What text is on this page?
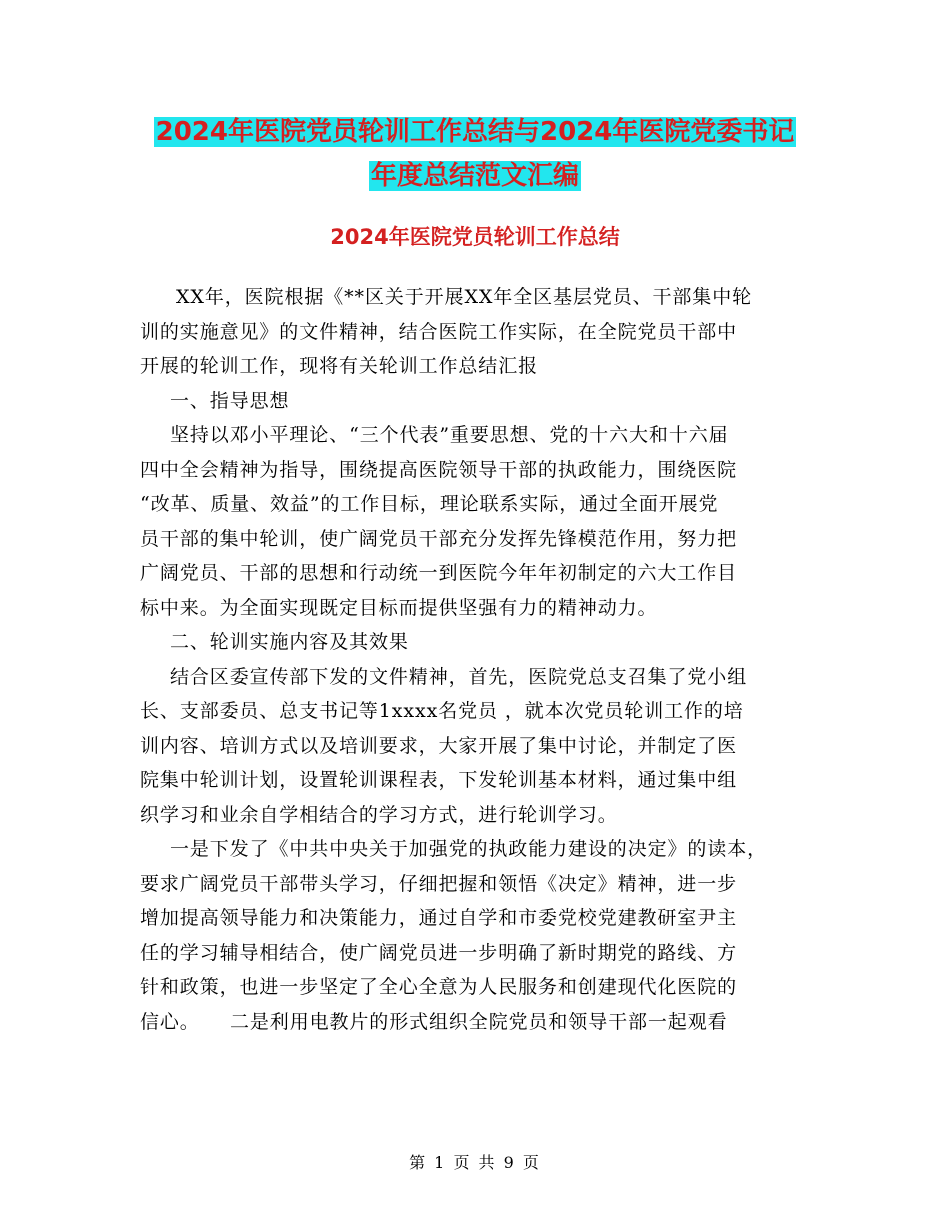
2024年医院党员轮训工作总结与2024年医院党委书记
年度总结范文汇编
2024年医院党员轮训工作总结
XX年，医院根据《**区关于开展XX年全区基层党员、干部集中轮
训的实施意见》的文件精神，结合医院工作实际，在全院党员干部中
开展的轮训工作，现将有关轮训工作总结汇报
一、指导思想
坚持以邓小平理论、“三个代表”重要思想、党的十六大和十六届
四中全会精神为指导，围绕提高医院领导干部的执政能力，围绕医院
“改革、质量、效益”的工作目标，理论联系实际，通过全面开展党
员干部的集中轮训，使广阔党员干部充分发挥先锋模范作用，努力把
广阔党员、干部的思想和行动统一到医院今年年初制定的六大工作目
标中来。为全面实现既定目标而提供坚强有力的精神动力。
二、轮训实施内容及其效果
结合区委宣传部下发的文件精神，首先，医院党总支召集了党小组
长、支部委员、总支书记等1xxxx名党员 ，就本次党员轮训工作的培
训内容、培训方式以及培训要求，大家开展了集中讨论，并制定了医
院集中轮训计划，设置轮训课程表，下发轮训基本材料，通过集中组
织学习和业余自学相结合的学习方式，进行轮训学习。
一是下发了《中共中央关于加强党的执政能力建设的决定》的读本，
要求广阔党员干部带头学习，仔细把握和领悟《决定》精神，进一步
增加提高领导能力和决策能力，通过自学和市委党校党建教研室尹主
任的学习辅导相结合，使广阔党员进一步明确了新时期党的路线、方
针和政策，也进一步坚定了全心全意为人民服务和创建现代化医院的
信心。　　二是利用电教片的形式组织全院党员和领导干部一起观看
第 1 页 共 9 页
